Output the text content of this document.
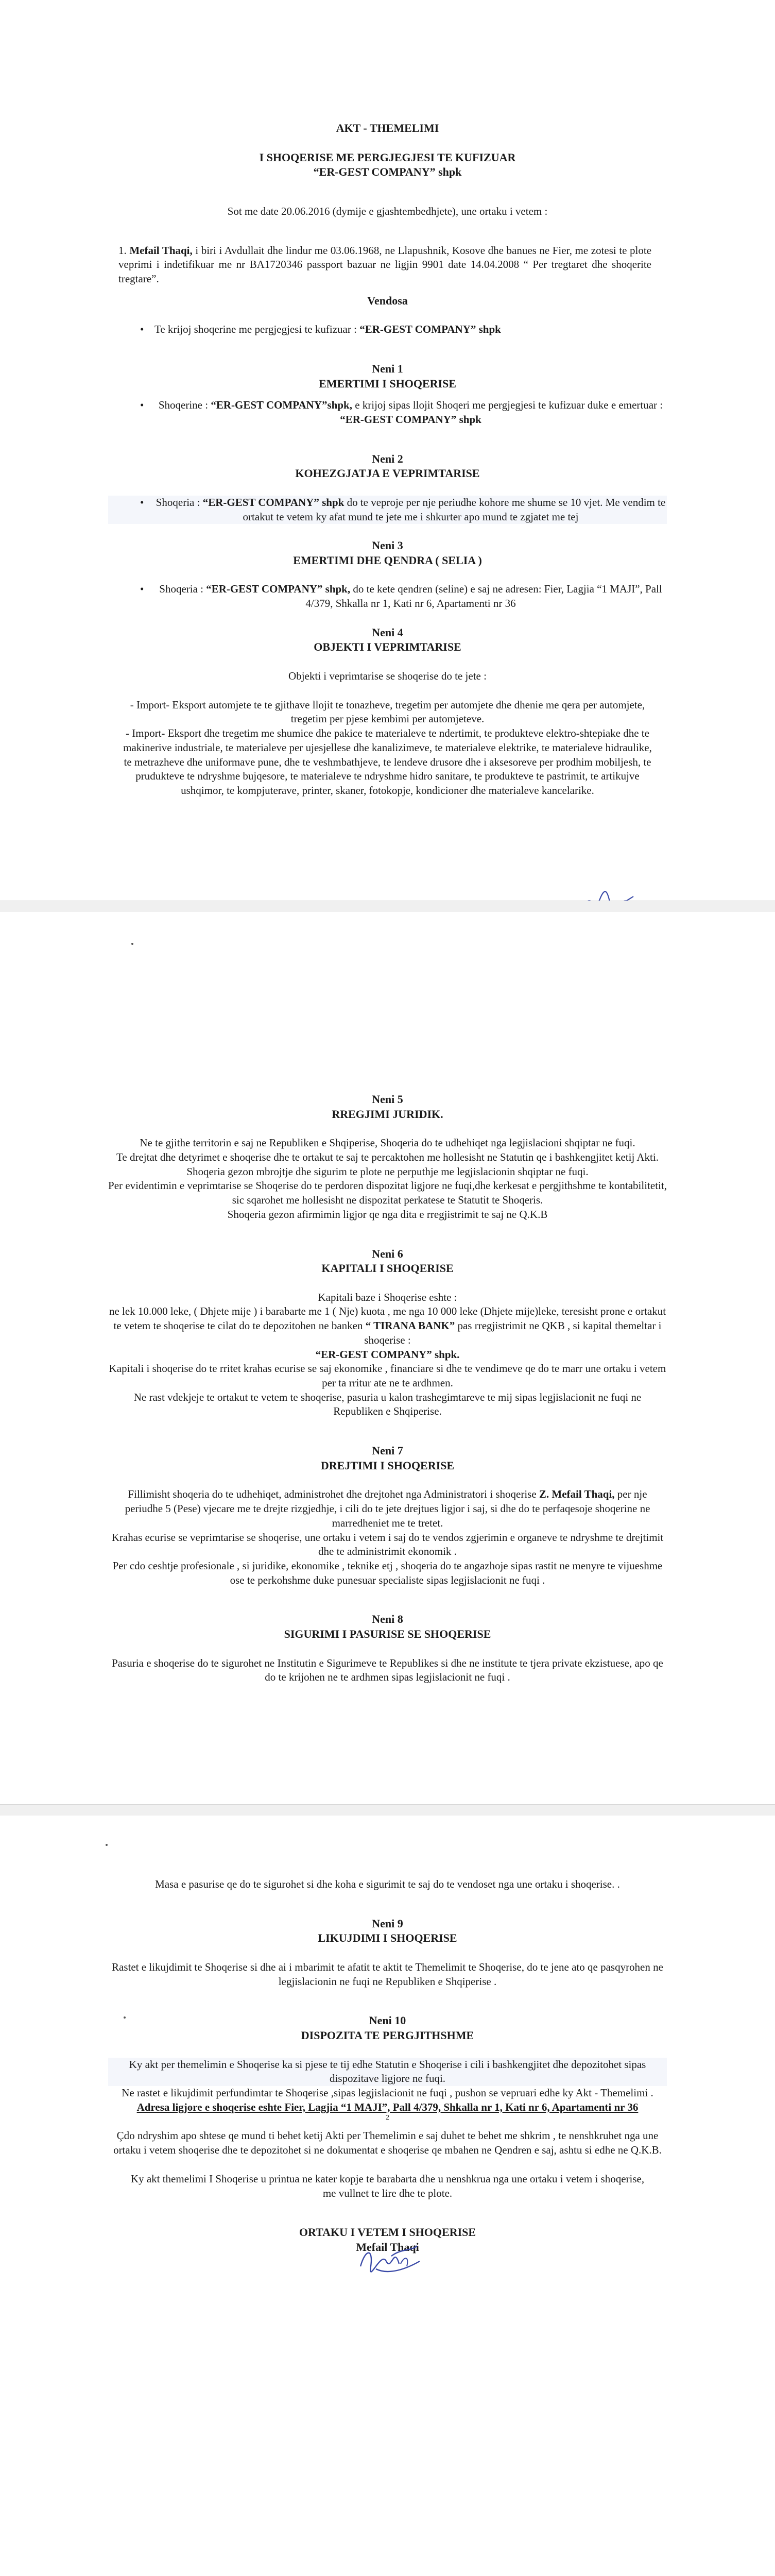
AKT - THEMELIMI

I SHOQERISE ME PERGJEGJESI TE KUFIZUAR

“ER-GEST COMPANY” shpk

Sot me date 20.06.2016 (dymije e gjashtembedhjete), une ortaku i vetem :

1. Mefail Thaqi, i biri i Avdullait dhe lindur me 03.06.1968, ne Llapushnik, Kosove dhe banues ne Fier, me zotesi te plote veprimi i indetifikuar me nr BA1720346 passport bazuar ne ligjin 9901 date 14.04.2008 “ Per tregtaret dhe shoqerite tregtare”.

Vendosa

• Te krijoj shoqerine me pergjegjesi te kufizuar : “ER-GEST COMPANY” shpk

Neni 1

EMERTIMI I SHOQERISE

• Shoqerine : “ER-GEST COMPANY”shpk, e krijoj sipas llojit Shoqeri me pergjegjesi te kufizuar duke e emertuar : “ER-GEST COMPANY” shpk

Neni 2

KOHEZGJATJA E VEPRIMTARISE

• Shoqeria : “ER-GEST COMPANY” shpk do te veproje per nje periudhe kohore me shume se 10 vjet. Me vendim te ortakut te vetem ky afat mund te jete me i shkurter apo mund te zgjatet me tej

Neni 3

EMERTIMI DHE QENDRA ( SELIA )

• Shoqeria : “ER-GEST COMPANY” shpk, do te kete qendren (seline) e saj ne adresen: Fier, Lagjia “1 MAJI”, Pall 4/379, Shkalla nr 1, Kati nr 6, Apartamenti nr 36

Neni 4

OBJEKTI I VEPRIMTARISE

Objekti i veprimtarise se shoqerise do te jete :

- Import- Eksport automjete te te gjithave llojit te tonazheve, tregetim per automjete dhe dhenie me qera per automjete, tregetim per pjese kembimi per automjeteve.

- Import- Eksport dhe tregetim me shumice dhe pakice te materialeve te ndertimit, te produkteve elektro-shtepiake dhe te makinerive industriale, te materialeve per ujesjellese dhe kanalizimeve, te materialeve elektrike, te materialeve hidraulike, te metrazheve dhe uniformave pune, dhe te veshmbathjeve, te lendeve drusore dhe i aksesoreve per prodhim mobiljesh, te prudukteve te ndryshme bujqesore, te materialeve te ndryshme hidro sanitare, te produkteve te pastrimit, te artikujve ushqimor, te kompjuterave, printer, skaner, fotokopje, kondicioner dhe materialeve kancelarike.

Neni 5

RREGJIMI JURIDIK.

Ne te gjithe territorin e saj ne Republiken e Shqiperise, Shoqeria do te udhehiqet nga legjislacioni shqiptar ne fuqi.

Te drejtat dhe detyrimet e shoqerise dhe te ortakut te saj te percaktohen me hollesisht ne Statutin qe i bashkengjitet ketij Akti.

Shoqeria gezon mbrojtje dhe sigurim te plote ne perputhje me legjislacionin shqiptar ne fuqi.

Per evidentimin e veprimtarise se Shoqerise do te perdoren dispozitat ligjore ne fuqi,dhe kerkesat e pergjithshme te kontabilitetit, sic sqarohet me hollesisht ne dispozitat perkatese te Statutit te Shoqeris.

Shoqeria gezon afirmimin ligjor qe nga dita e rregjistrimit te saj ne Q.K.B

Neni 6

KAPITALI I SHOQERISE

Kapitali baze i Shoqerise eshte :
ne lek 10.000 leke, ( Dhjete mije ) i barabarte me 1 ( Nje) kuota , me nga 10 000 leke (Dhjete mije)leke, teresisht prone e ortakut te vetem te shoqerise te cilat do te depozitohen ne banken “ TIRANA BANK” pas rregjistrimit ne QKB , si kapital themeltar i shoqerise :
“ER-GEST COMPANY” shpk.

Kapitali i shoqerise do te rritet krahas ecurise se saj ekonomike , financiare si dhe te vendimeve qe do te marr une ortaku i vetem per ta rritur ate ne te ardhmen.

Ne rast vdekjeje te ortakut te vetem te shoqerise, pasuria u kalon trashegimtareve te mij sipas legjislacionit ne fuqi ne Republiken e Shqiperise.

Neni 7

DREJTIMI I SHOQERISE

Fillimisht shoqeria do te udhehiqet, administrohet dhe drejtohet nga Administratori i shoqerise Z. Mefail Thaqi, per nje periudhe 5 (Pese) vjecare me te drejte rizgjedhje, i cili do te jete drejtues ligjor i saj, si dhe do te perfaqesoje shoqerine ne marredheniet me te tretet.

Krahas ecurise se veprimtarise se shoqerise, une ortaku i vetem i saj do te vendos zgjerimin e organeve te ndryshme te drejtimit dhe te administrimit ekonomik .

Per cdo ceshtje profesionale , si juridike, ekonomike , teknike etj , shoqeria do te angazhoje sipas rastit ne menyre te vijueshme ose te perkohshme duke punesuar specialiste sipas legjislacionit ne fuqi .

Neni 8

SIGURIMI I PASURISE SE SHOQERISE

Pasuria e shoqerise do te sigurohet ne Institutin e Sigurimeve te Republikes si dhe ne institute te tjera private ekzistuese, apo qe do te krijohen ne te ardhmen sipas legjislacionit ne fuqi .

Masa e pasurise qe do te sigurohet si dhe koha e sigurimit te saj do te vendoset nga une ortaku i shoqerise. .

Neni 9

LIKUJDIMI I SHOQERISE

Rastet e likujdimit te Shoqerise si dhe ai i mbarimit te afatit te aktit te Themelimit te Shoqerise, do te jene ato qe pasqyrohen ne legjislacionin ne fuqi ne Republiken e Shqiperise .

Neni 10

DISPOZITA TE PERGJITHSHME

Ky akt per themelimin e Shoqerise ka si pjese te tij edhe Statutin e Shoqerise i cili i bashkengjitet dhe depozitohet sipas dispozitave ligjore ne fuqi.

Ne rastet e likujdimit perfundimtar te Shoqerise ,sipas legjislacionit ne fuqi , pushon se vepruari edhe ky Akt - Themelimi .

Adresa ligjore e shoqerise eshte Fier, Lagjia “1 MAJI”, Pall 4/379, Shkalla nr 1, Kati nr 6, Apartamenti nr 36

2

Çdo ndryshim apo shtese qe mund ti behet ketij Akti per Themelimin e saj duhet te behet me shkrim , te nenshkruhet nga une ortaku i vetem shoqerise dhe te depozitohet si ne dokumentat e shoqerise qe mbahen ne Qendren e saj, ashtu si edhe ne Q.K.B.

Ky akt themelimi I Shoqerise u printua ne kater kopje te barabarta dhe u nenshkrua nga une ortaku i vetem i shoqerise, me vullnet te lire dhe te plote.

ORTAKU I VETEM I SHOQERISE

Mefail Thaqi
